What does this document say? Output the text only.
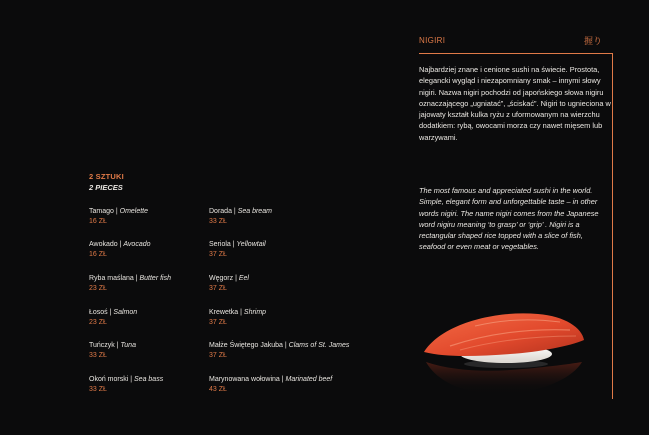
2 SZTUKI
2 PIECES
Tamago | Omelette
16 ZŁ
Awokado | Avocado
16 ZŁ
Ryba maślana | Butter fish
23 ZŁ
Łosoś | Salmon
23 ZŁ
Tuńczyk | Tuna
33 ZŁ
Okoń morski | Sea bass
33 ZŁ
Dorada | Sea bream
33 ZŁ
Seriola | Yellowtail
37 ZŁ
Węgorz | Eel
37 ZŁ
Krewetka | Shrimp
37 ZŁ
Małże Świętego Jakuba | Clams of St. James
37 ZŁ
Marynowana wołowina | Marinated beef
43 ZŁ
NIGIRI	握り
Najbardziej znane i cenione sushi na świecie. Prostota, elegancki wygląd i niezapomniany smak – innymi słowy nigiri. Nazwa nigiri pochodzi od japońskiego słowa nigiru oznaczającego „ugniatać”, „ściskać”. Nigiri to ugnieciona w jajowaty kształt kulka ryżu z uformowanym na wierzchu dodatkiem: rybą, owocami morza czy nawet mięsem lub warzywami.
The most famous and appreciated sushi in the world. Simple, elegant form and unforgettable taste – in other words nigiri. The name nigiri comes from the Japanese word nigiru meaning ‘to grasp’ or ‘grip’ . Nigiri is a rectangular shaped rice topped with a slice of fish, seafood or even meat or vegetables.
